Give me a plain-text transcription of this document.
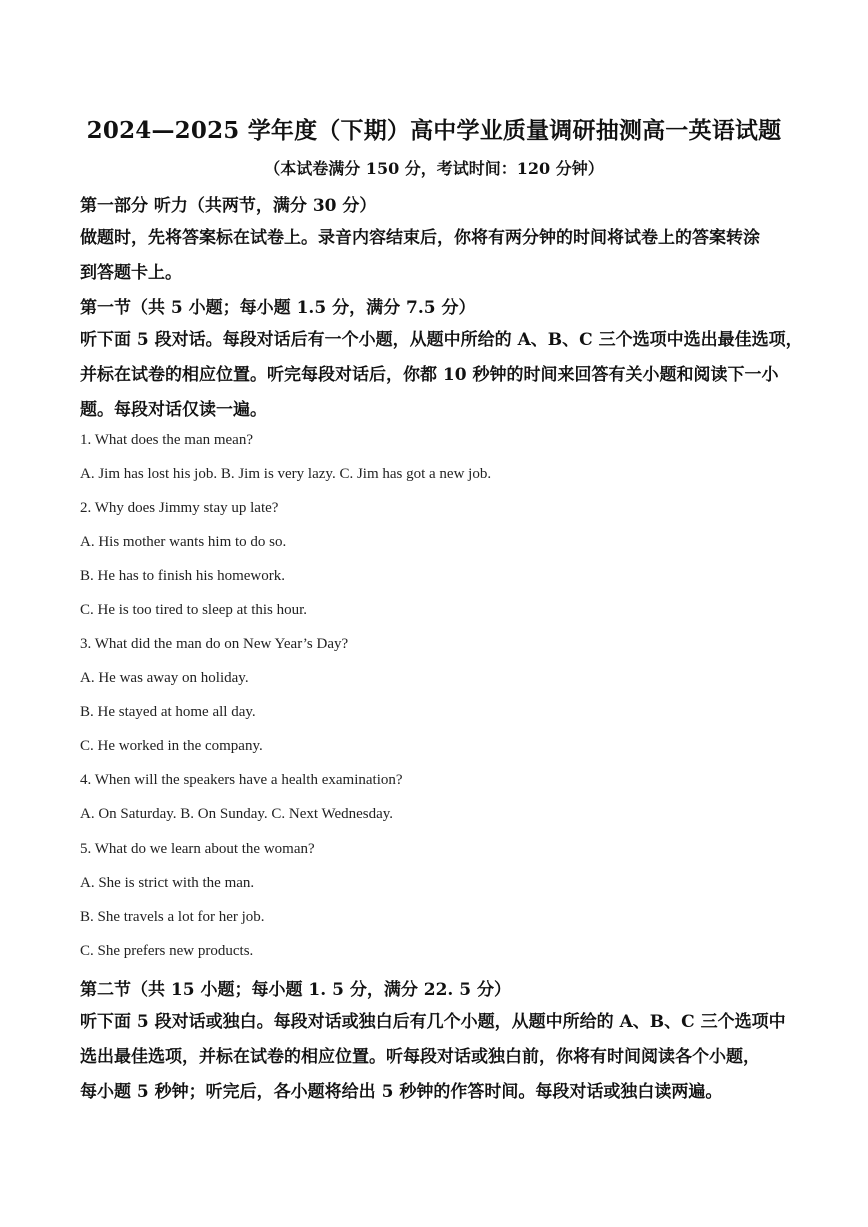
2024—2025 学年度（下期）高中学业质量调研抽测高一英语试题
（本试卷满分 150 分，考试时间：120 分钟）
第一部分 听力（共两节，满分 30 分）
做题时，先将答案标在试卷上。录音内容结束后，你将有两分钟的时间将试卷上的答案转涂
到答题卡上。
第一节（共 5 小题；每小题 1.5 分，满分 7.5 分）
听下面 5 段对话。每段对话后有一个小题，从题中所给的 A、B、C 三个选项中选出最佳选项，
并标在试卷的相应位置。听完每段对话后，你都 10 秒钟的时间来回答有关小题和阅读下一小
题。每段对话仅读一遍。
1. What does the man mean?
A. Jim has lost his job. B. Jim is very lazy. C. Jim has got a new job.
2. Why does Jimmy stay up late?
A. His mother wants him to do so.
B. He has to finish his homework.
C. He is too tired to sleep at this hour.
3. What did the man do on New Year’s Day?
A. He was away on holiday.
B. He stayed at home all day.
C. He worked in the company.
4. When will the speakers have a health examination?
A. On Saturday. B. On Sunday. C. Next Wednesday.
5. What do we learn about the woman?
A. She is strict with the man.
B. She travels a lot for her job.
C. She prefers new products.
第二节（共 15 小题；每小题 1. 5 分，满分 22. 5 分）
听下面 5 段对话或独白。每段对话或独白后有几个小题，从题中所给的 A、B、C 三个选项中
选出最佳选项，并标在试卷的相应位置。听每段对话或独白前，你将有时间阅读各个小题，
每小题 5 秒钟；听完后，各小题将给出 5 秒钟的作答时间。每段对话或独白读两遍。
